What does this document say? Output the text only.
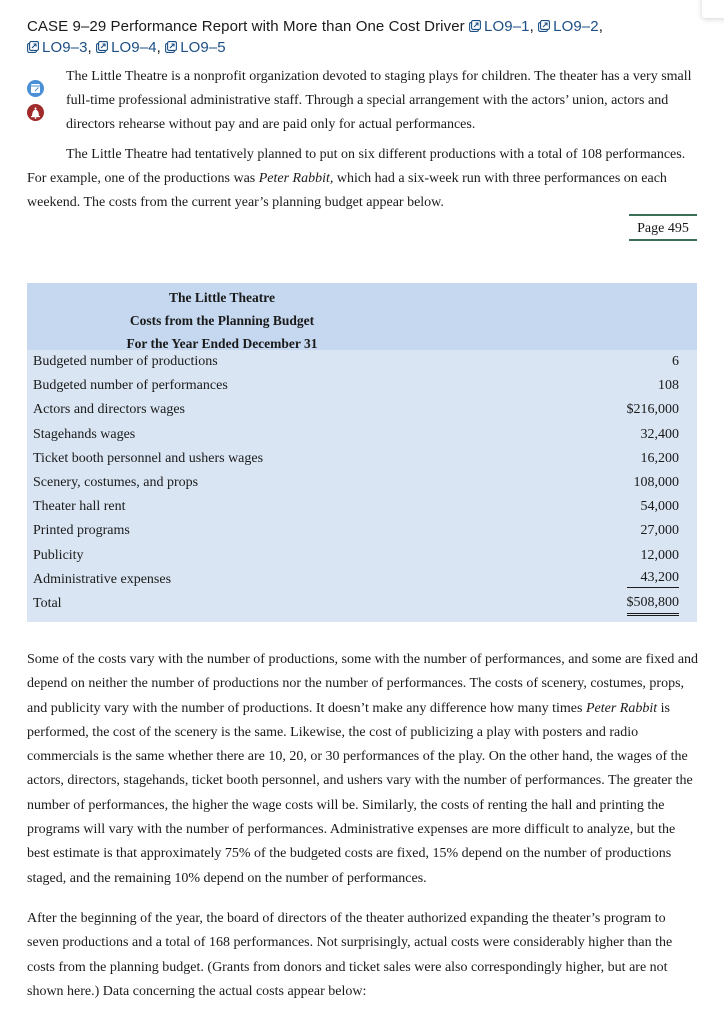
CASE 9–29 Performance Report with More than One Cost Driver LO9–1, LO9–2,
LO9–3, LO9–4, LO9–5

The Little Theatre is a nonprofit organization devoted to staging plays for children. The theater has a very small full-time professional administrative staff. Through a special arrangement with the actors’ union, actors and directors rehearse without pay and are paid only for actual performances.

The Little Theatre had tentatively planned to put on six different productions with a total of 108 performances. For example, one of the productions was Peter Rabbit, which had a six-week run with three performances on each weekend. The costs from the current year’s planning budget appear below.

Page 495
The Little Theatre
Costs from the Planning Budget
For the Year Ended December 31
Budgeted number of productions	6
Budgeted number of performances	108
Actors and directors wages	$216,000
Stagehands wages	32,400
Ticket booth personnel and ushers wages	16,200
Scenery, costumes, and props	108,000
Theater hall rent	54,000
Printed programs	27,000
Publicity	12,000
Administrative expenses	43,200
Total	$508,800

Some of the costs vary with the number of productions, some with the number of performances, and some are fixed and depend on neither the number of productions nor the number of performances. The costs of scenery, costumes, props, and publicity vary with the number of productions. It doesn’t make any difference how many times Peter Rabbit is performed, the cost of the scenery is the same. Likewise, the cost of publicizing a play with posters and radio commercials is the same whether there are 10, 20, or 30 performances of the play. On the other hand, the wages of the actors, directors, stagehands, ticket booth personnel, and ushers vary with the number of performances. The greater the number of performances, the higher the wage costs will be. Similarly, the costs of renting the hall and printing the programs will vary with the number of performances. Administrative expenses are more difficult to analyze, but the best estimate is that approximately 75% of the budgeted costs are fixed, 15% depend on the number of productions staged, and the remaining 10% depend on the number of performances.

After the beginning of the year, the board of directors of the theater authorized expanding the theater’s program to seven productions and a total of 168 performances. Not surprisingly, actual costs were considerably higher than the costs from the planning budget. (Grants from donors and ticket sales were also correspondingly higher, but are not shown here.) Data concerning the actual costs appear below:
